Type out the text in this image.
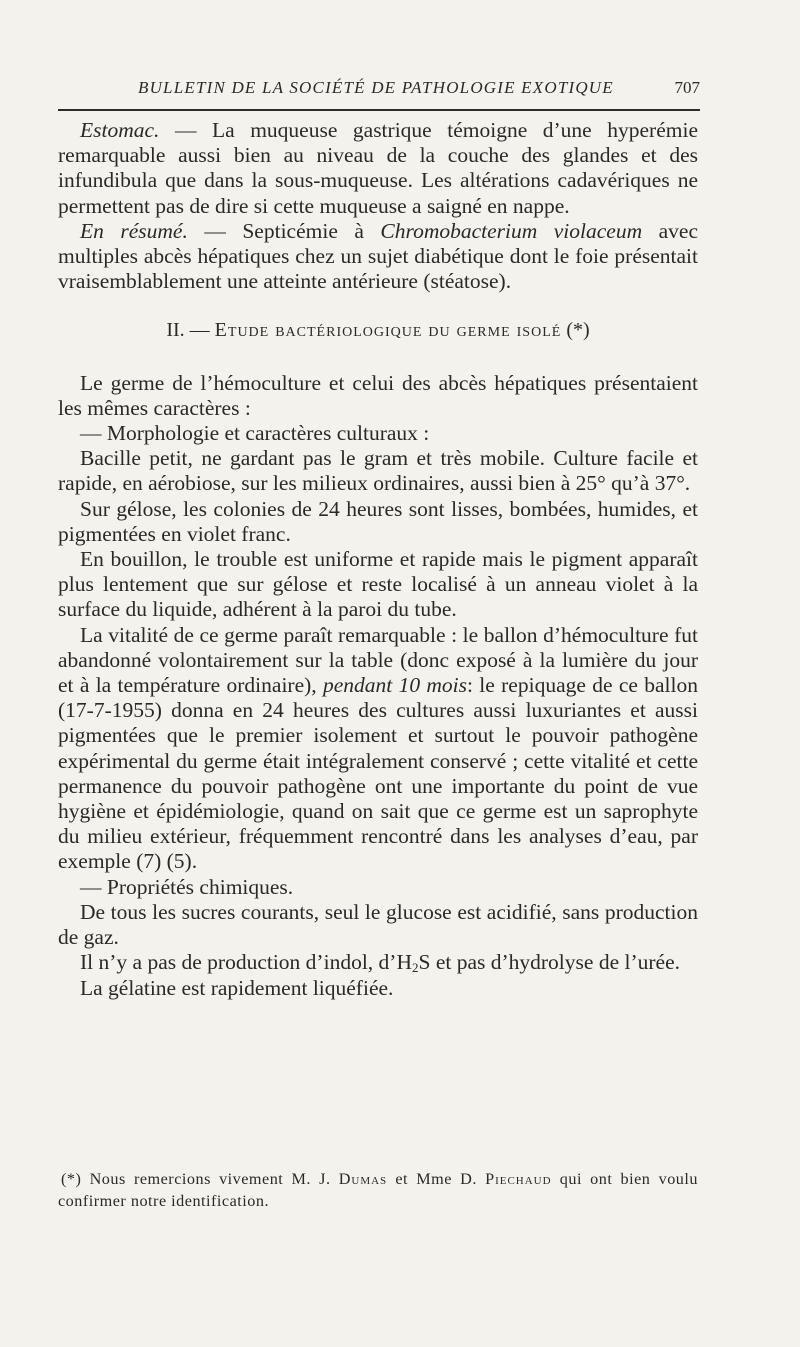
BULLETIN DE LA SOCIÉTÉ DE PATHOLOGIE EXOTIQUE	707

Estomac. — La muqueuse gastrique témoigne d’une hyperémie remarquable aussi bien au niveau de la couche des glandes et des infundibula que dans la sous-muqueuse. Les altérations cadavériques ne permettent pas de dire si cette muqueuse a saigné en nappe.

En résumé. — Septicémie à Chromobacterium violaceum avec multiples abcès hépatiques chez un sujet diabétique dont le foie présentait vraisemblablement une atteinte antérieure (stéatose).

II. — Etude bactériologique du germe isolé (*)

Le germe de l’hémoculture et celui des abcès hépatiques présentaient les mêmes caractères :

— Morphologie et caractères culturaux :

Bacille petit, ne gardant pas le gram et très mobile. Culture facile et rapide, en aérobiose, sur les milieux ordinaires, aussi bien à 25° qu’à 37°.

Sur gélose, les colonies de 24 heures sont lisses, bombées, humides, et pigmentées en violet franc.

En bouillon, le trouble est uniforme et rapide mais le pigment apparaît plus lentement que sur gélose et reste localisé à un anneau violet à la surface du liquide, adhérent à la paroi du tube.

La vitalité de ce germe paraît remarquable : le ballon d’hémoculture fut abandonné volontairement sur la table (donc exposé à la lumière du jour et à la température ordinaire), pendant 10 mois: le repiquage de ce ballon (17-7-1955) donna en 24 heures des cultures aussi luxuriantes et aussi pigmentées que le premier isolement et surtout le pouvoir pathogène expérimental du germe était intégralement conservé ; cette vitalité et cette permanence du pouvoir pathogène ont une importante du point de vue hygiène et épidémiologie, quand on sait que ce germe est un saprophyte du milieu extérieur, fréquemment rencontré dans les analyses d’eau, par exemple (7) (5).

— Propriétés chimiques.

De tous les sucres courants, seul le glucose est acidifié, sans production de gaz.

Il n’y a pas de production d’indol, $d’H_2S$ et pas d’hydrolyse de l’urée.

La gélatine est rapidement liquéfiée.

(*) Nous remercions vivement M. J. Dumas et Mme D. Piechaud qui ont bien voulu confirmer notre identification.
